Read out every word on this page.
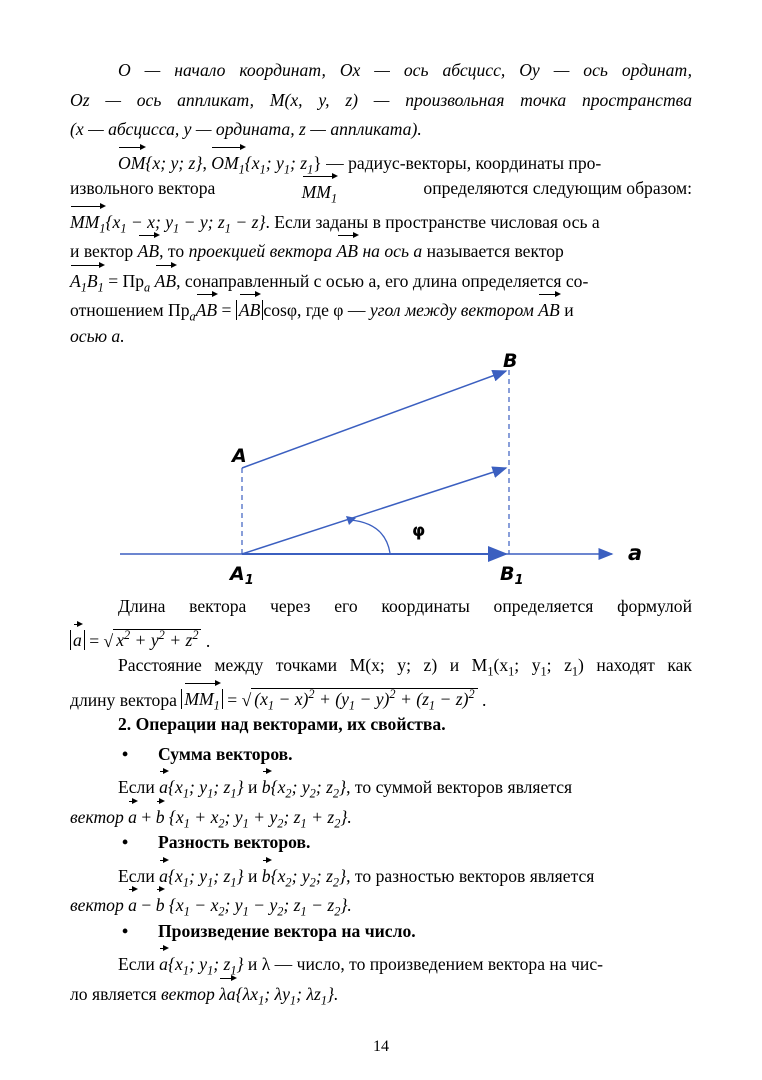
O — начало координат, Ox — ось абсцисс, Oy — ось ординат,
Oz — ось аппликат, M(x, y, z) — произвольная точка пространства
(x — абсцисса, y — ордината, z — аппликата).
OM{x; y; z}, $OM_1\{x_1$; $y_1$; $z_1$} — радиус-векторы, координаты про-
извольного вектора	$MM_1$
определяются следующим образом:
$MM_1\{x_1 - x$; $y_1 - y$; $z_1 - z$}. Если заданы в пространстве числовая ось a
и вектор AB, то проекцией вектора AB на ось a называется вектор
$A_1B_1 = Пр_a$ AB, сонаправленный с осью a, его длина определяется со-
отношением $Пр_aAB$ = AB cosφ, где φ — угол между вектором AB и
осью a.
B
A
$A_1$	$B_1$
φ
a
Длина вектора через его координаты определяется формулой
a = √ $x^2 + y^2 + z^2$ .
Расстояние между точками M(x; y; z) и $M_1(x_1$; $y_1$; $z_1$) находят как
длину вектора $MM_1$ = √ $(x_1 - x)^2 + (y_1 - y)^2 + (z_1 - z)^2$ .
2. Операции над векторами, их свойства.
• Сумма векторов.
Если $a\{x_1$; $y_1$; $z_1$} и $b\{x_2$; $y_2$; $z_2$}, то суммой векторов является
вектор a + b {$x_1 + x_2$; $y_1 + y_2$; $z_1 + z_2$}.
• Разность векторов.
Если $a\{x_1$; $y_1$; $z_1$} и $b\{x_2$; $y_2$; $z_2$}, то разностью векторов является
вектор a − b {$x_1 - x_2$; $y_1 - y_2$; $z_1 - z_2$}.
• Произведение вектора на число.
Если $a\{x_1$; $y_1$; $z_1$} и λ — число, то произведением вектора на чис-
ло является вектор $\lambda a\{\lambda x_1$; $\lambda y_1$; $\lambda z_1$}.
14
